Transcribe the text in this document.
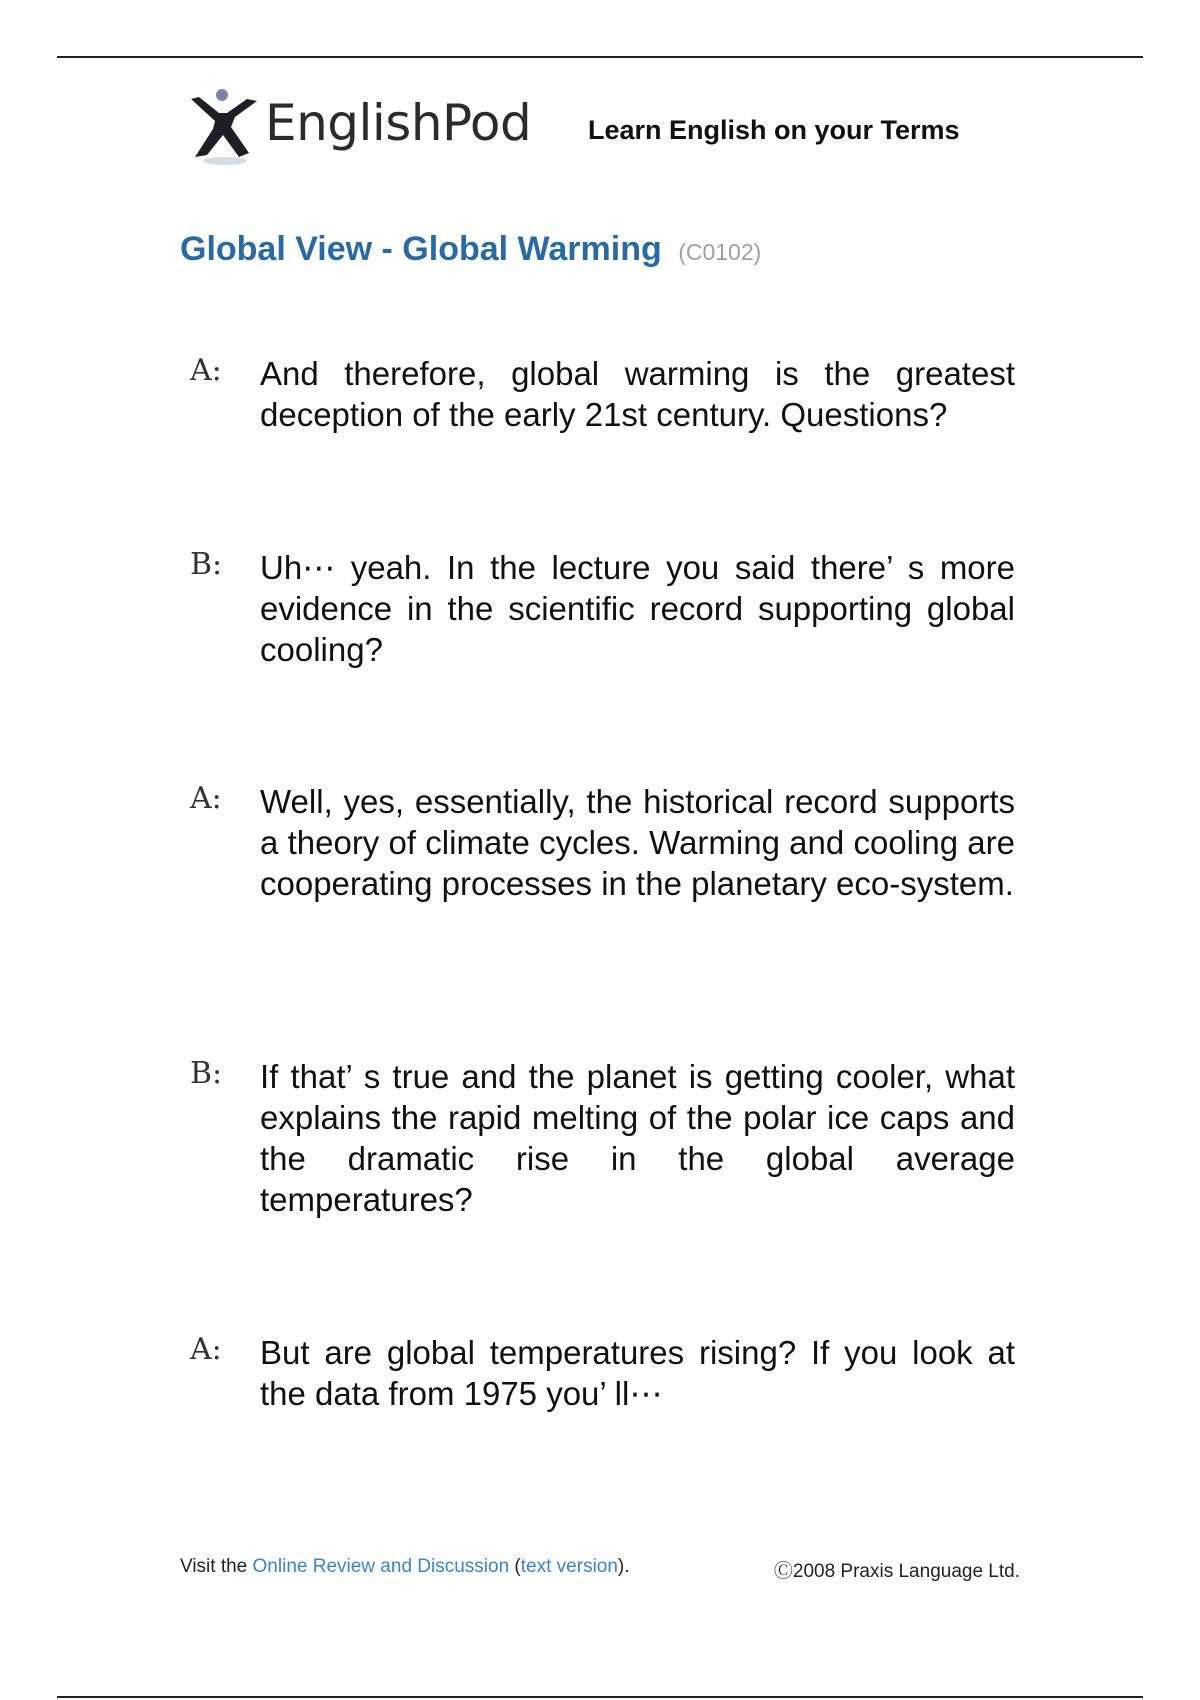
EnglishPod Learn English on your Terms
Global View - Global Warming (C0102)
A:	And therefore, global warming is the greatest deception of the early 21st century. Questions?
B:	Uh⋯ yeah. In the lecture you said there’ s more evidence in the scientific record supporting global cooling?
A:	Well, yes, essentially, the historical record supports a theory of climate cycles. Warming and cooling are cooperating processes in the planetary eco-system.
B:	If that’ s true and the planet is getting cooler, what explains the rapid melting of the polar ice caps and the dramatic rise in the global average temperatures?
A:	But are global temperatures rising? If you look at the data from 1975 you’ ll⋯
Visit the Online Review and Discussion (text version).	Ⓒ2008 Praxis Language Ltd.
